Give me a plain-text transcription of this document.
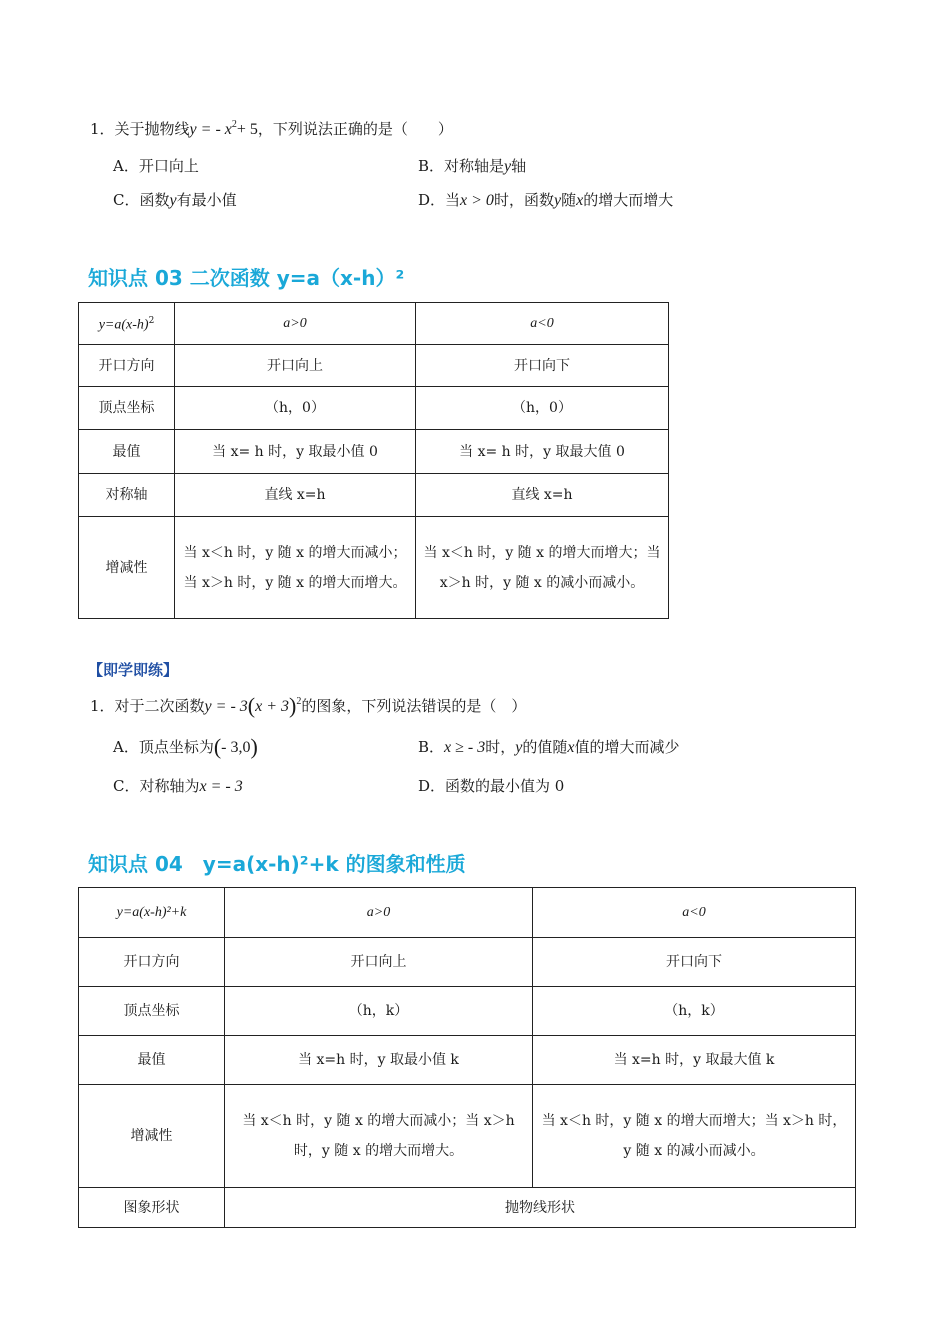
1．关于抛物线y = - $x^2+ 5$，下列说法正确的是（　　）
A．开口向上	B．对称轴是y轴
C．函数y有最小值	D．当x > 0时，函数y随x的增大而增大
知识点 03 二次函数 y=a（x-h）²
$y=a(x-h)^2$	a>0	a<0
开口方向	开口向上	开口向下
顶点坐标	（h，0）	（h，0）
最值	当 x= h 时，y 取最小值 0	当 x= h 时，y 取最大值 0
对称轴	直线 x=h	直线 x=h
增减性	当 x＜h 时，y 随 x 的增大而减小；当 x＞h 时，y 随 x 的增大而增大。	当 x＜h 时，y 随 x 的增大而增大；当 x＞h 时，y 随 x 的减小而减小。
【即学即练】
1．对于二次函数y = - $3(x + 3)^2$的图象，下列说法错误的是（　）
A．顶点坐标为(- 3,0)	B．x ≥ - 3时，y的值随x值的增大而减少
C．对称轴为x = - 3	D．函数的最小值为 0
知识点 04　y=a(x-h)²+k 的图象和性质
y=a(x-h)²+k	a>0	a<0
开口方向	开口向上	开口向下
顶点坐标	（h，k）	（h，k）
最值	当 x=h 时，y 取最小值 k	当 x=h 时，y 取最大值 k
增减性	当 x＜h 时，y 随 x 的增大而减小；当 x＞h 时，y 随 x 的增大而增大。	当 x＜h 时，y 随 x 的增大而增大；当 x＞h 时，y 随 x 的减小而减小。
图象形状	抛物线形状	
